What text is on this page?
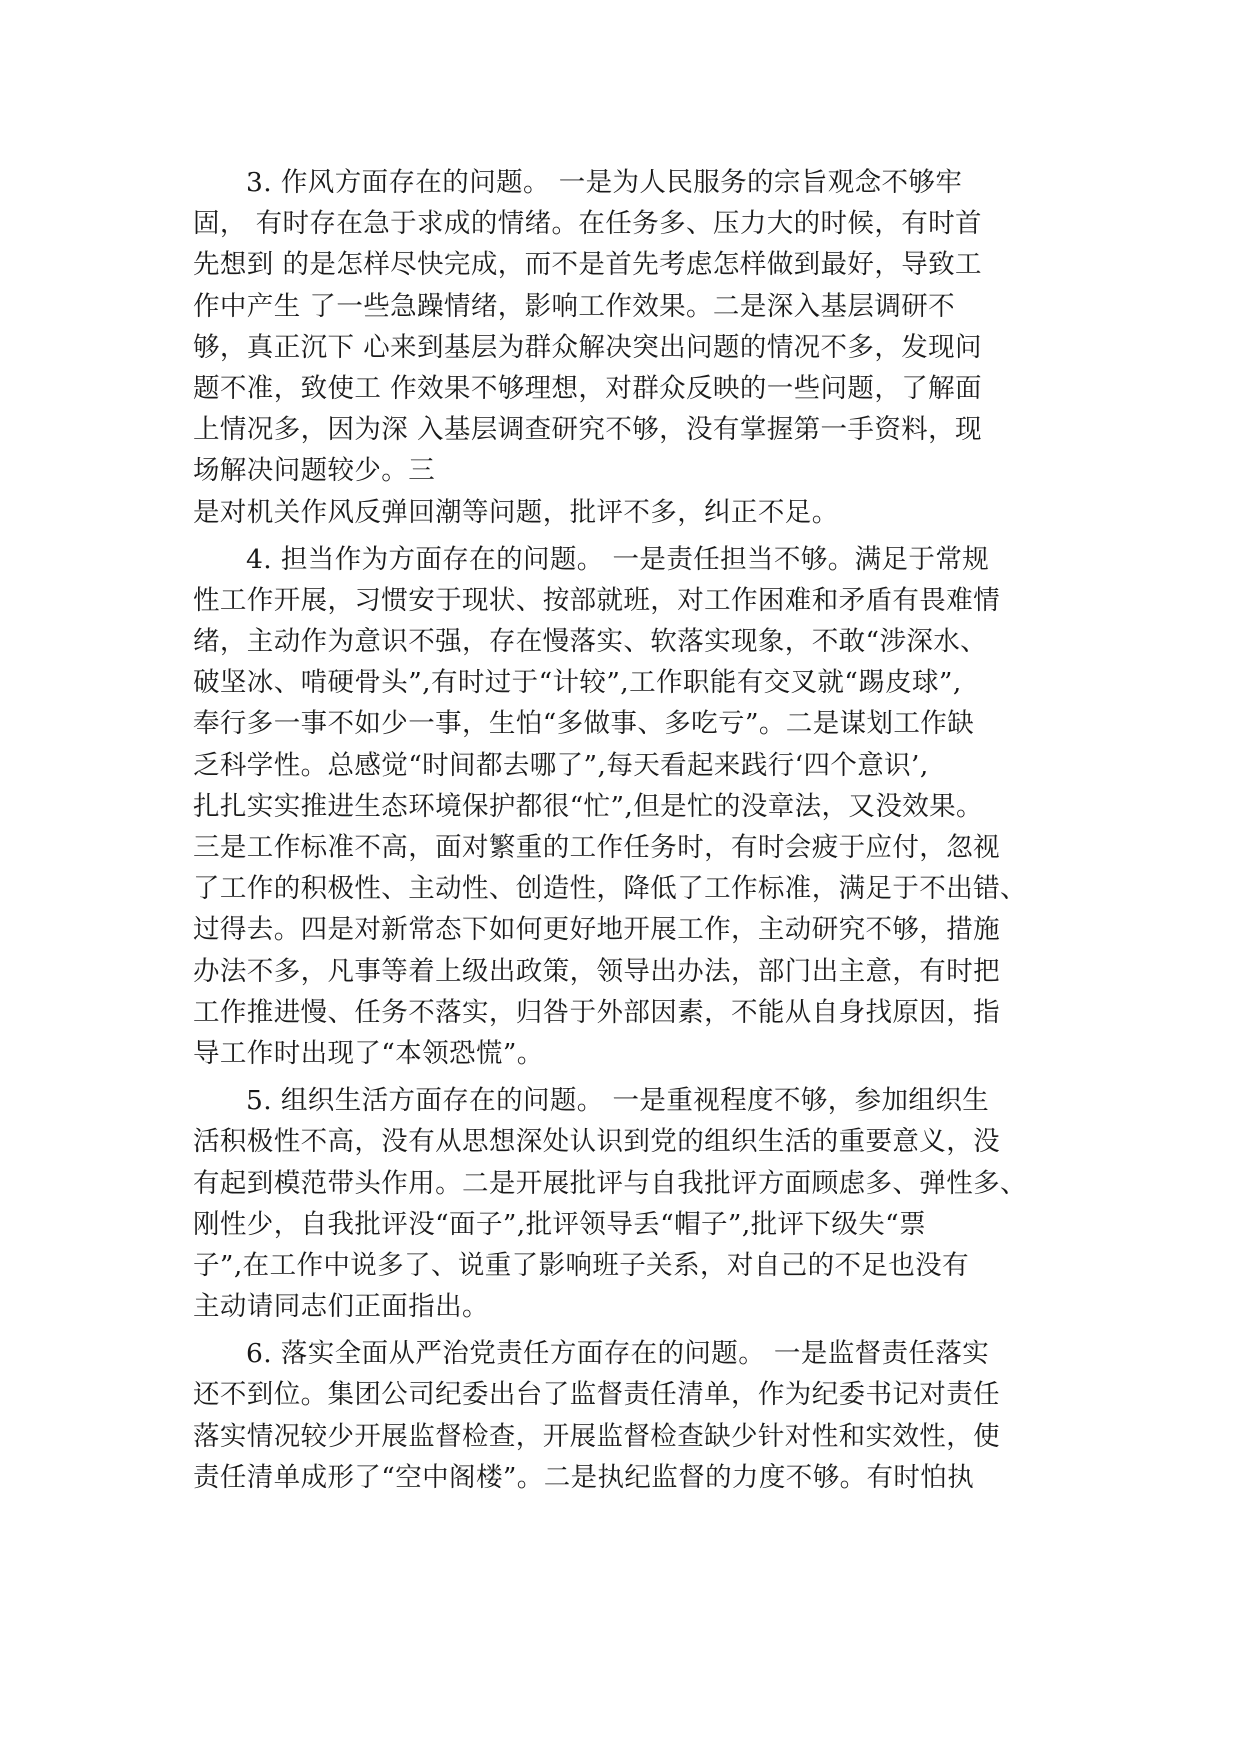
3. 作风方面存在的问题。 一是为人民服务的宗旨观念不够牢
固， 有时存在急于求成的情绪。在任务多、压力大的时候，有时首
先想到 的是怎样尽快完成，而不是首先考虑怎样做到最好，导致工
作中产生 了一些急躁情绪，影响工作效果。二是深入基层调研不
够，真正沉下 心来到基层为群众解决突出问题的情况不多，发现问
题不准，致使工 作效果不够理想，对群众反映的一些问题，了解面
上情况多，因为深 入基层调查研究不够，没有掌握第一手资料，现
场解决问题较少。三
是对机关作风反弹回潮等问题，批评不多，纠正不足。
4. 担当作为方面存在的问题。 一是责任担当不够。满足于常规
性工作开展，习惯安于现状、按部就班，对工作困难和矛盾有畏难情
绪，主动作为意识不强，存在慢落实、软落实现象，不敢“涉深水、
破坚冰、啃硬骨头”,有时过于“计较”,工作职能有交叉就“踢皮球”,
奉行多一事不如少一事，生怕“多做事、多吃亏”。二是谋划工作缺
乏科学性。总感觉“时间都去哪了”,每天看起来践行‘四个意识’,
扎扎实实推进生态环境保护都很“忙”,但是忙的没章法，又没效果。
三是工作标准不高，面对繁重的工作任务时，有时会疲于应付，忽视
了工作的积极性、主动性、创造性，降低了工作标准，满足于不出错、
过得去。四是对新常态下如何更好地开展工作，主动研究不够，措施
办法不多，凡事等着上级出政策，领导出办法，部门出主意，有时把
工作推进慢、任务不落实，归咎于外部因素，不能从自身找原因，指
导工作时出现了“本领恐慌”。
5. 组织生活方面存在的问题。 一是重视程度不够，参加组织生
活积极性不高，没有从思想深处认识到党的组织生活的重要意义，没
有起到模范带头作用。二是开展批评与自我批评方面顾虑多、弹性多、
刚性少，自我批评没“面子”,批评领导丢“帽子”,批评下级失“票
子”,在工作中说多了、说重了影响班子关系，对自己的不足也没有
主动请同志们正面指出。
6. 落实全面从严治党责任方面存在的问题。 一是监督责任落实
还不到位。集团公司纪委出台了监督责任清单，作为纪委书记对责任
落实情况较少开展监督检查，开展监督检查缺少针对性和实效性，使
责任清单成形了“空中阁楼”。二是执纪监督的力度不够。有时怕执
